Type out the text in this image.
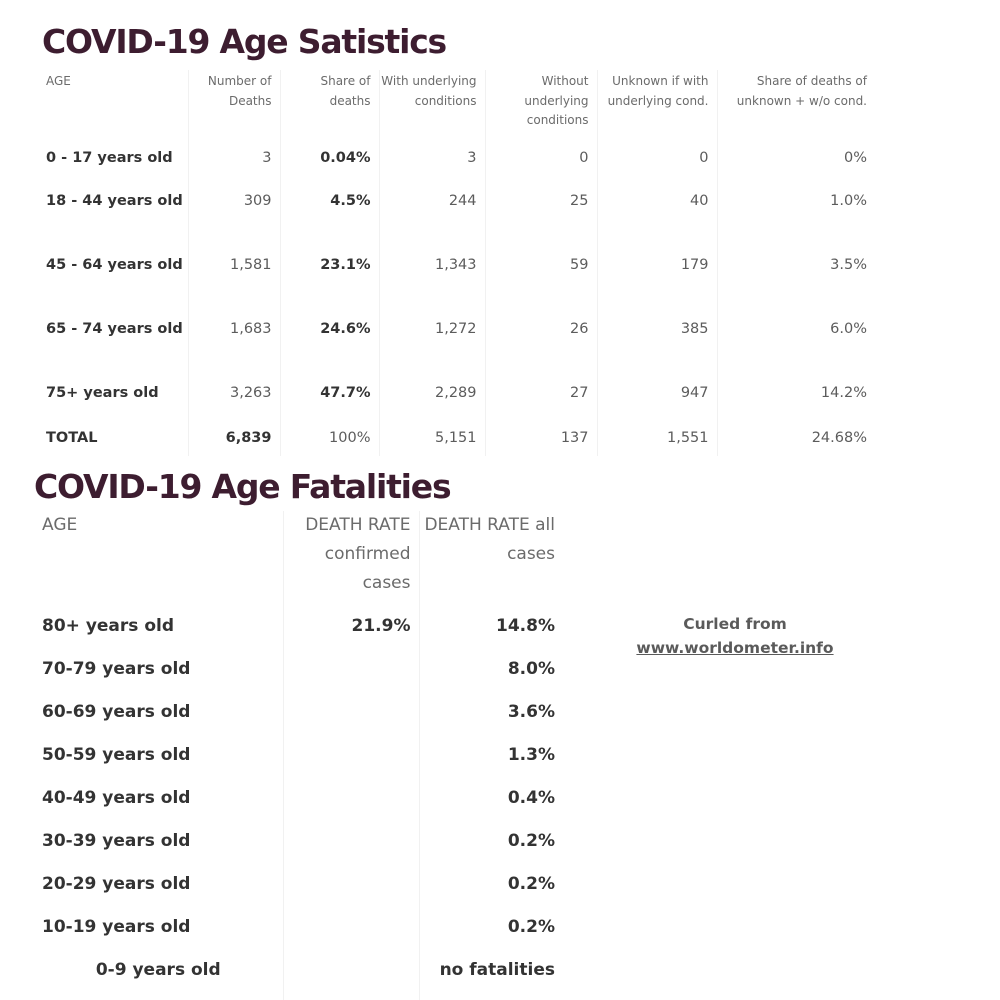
COVID-19 Age Satistics
AGE	Number of Deaths	Share of deaths	With underlying conditions	Without underlying conditions	Unknown if with underlying cond.	Share of deaths of unknown + w/o cond.
0 - 17 years old	3	0.04%	3	0	0	0%
18 - 44 years old	309	4.5%	244	25	40	1.0%
45 - 64 years old	1,581	23.1%	1,343	59	179	3.5%
65 - 74 years old	1,683	24.6%	1,272	26	385	6.0%
75+ years old	3,263	47.7%	2,289	27	947	14.2%
TOTAL	6,839	100%	5,151	137	1,551	24.68%
COVID-19 Age Fatalities
AGE	DEATH RATE confirmed cases	DEATH RATE all cases
80+ years old	21.9%	14.8%
70-79 years old		8.0%
60-69 years old		3.6%
50-59 years old		1.3%
40-49 years old		0.4%
30-39 years old		0.2%
20-29 years old		0.2%
10-19 years old		0.2%
0-9 years old		no fatalities
Curled from
www.worldometer.info
